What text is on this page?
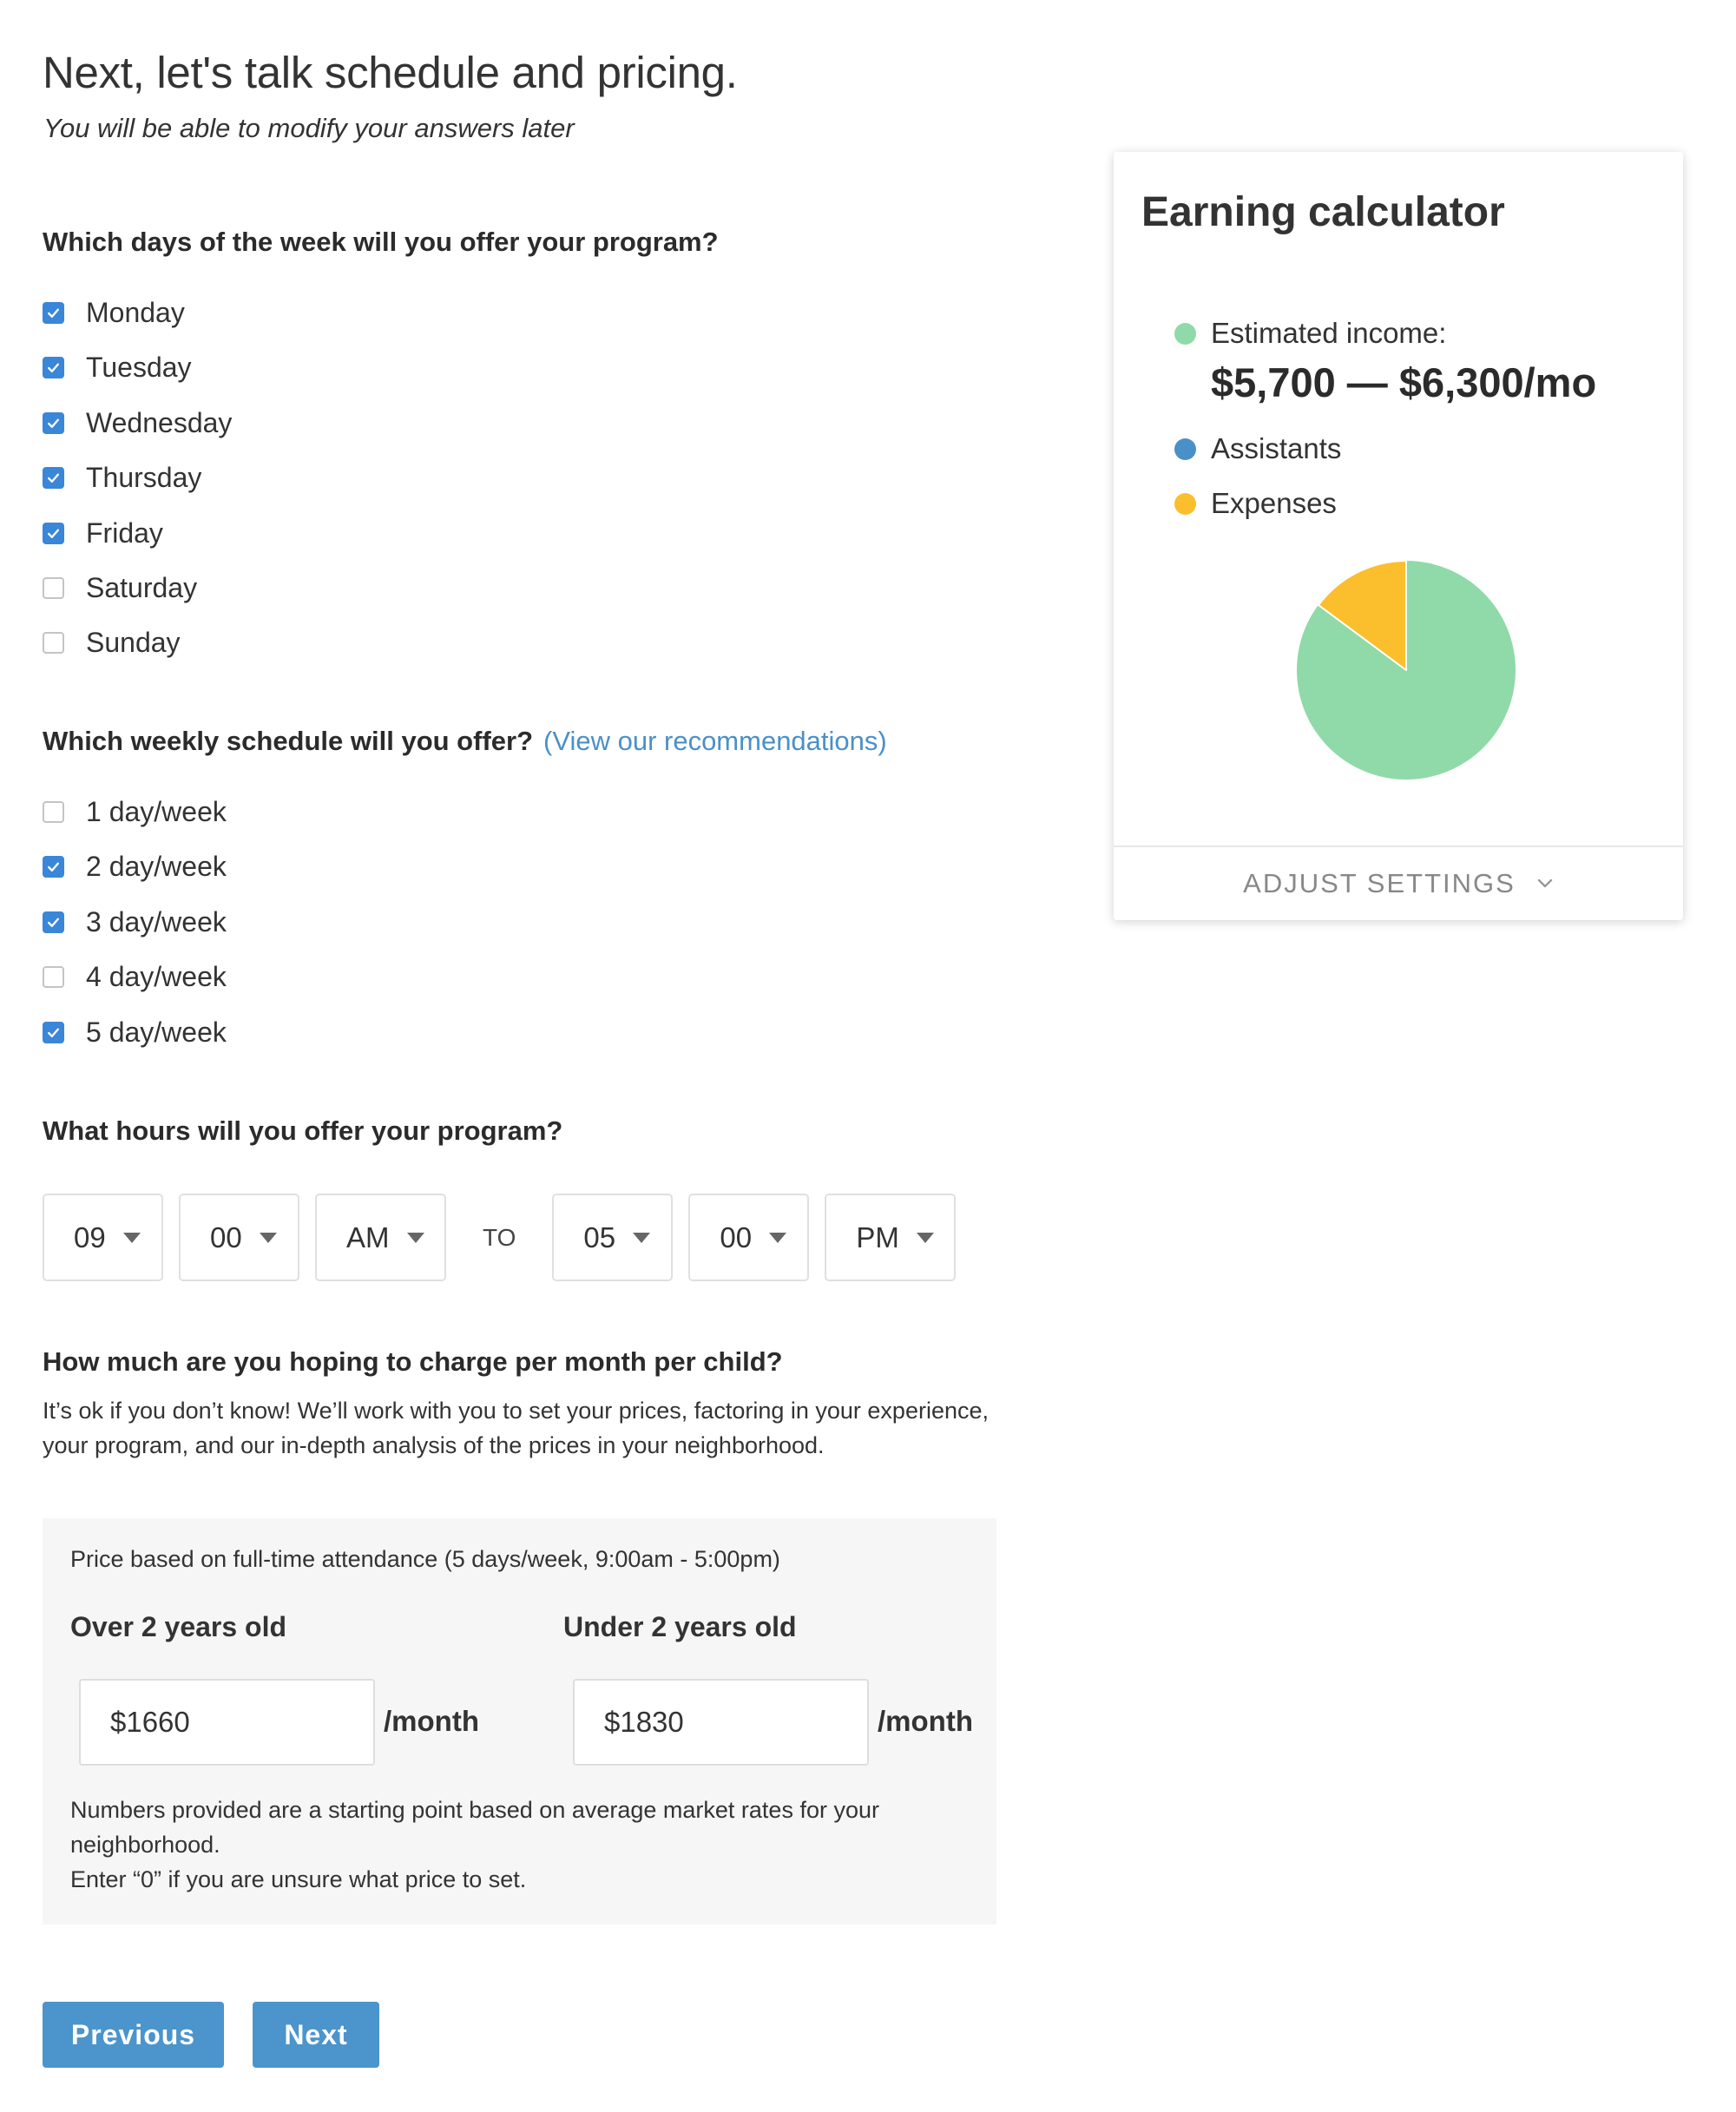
Next, let's talk schedule and pricing.
You will be able to modify your answers later
Which days of the week will you offer your program?
Monday
Tuesday
Wednesday
Thursday
Friday
Saturday
Sunday
Which weekly schedule will you offer? (View our recommendations)
1 day/week
2 day/week
3 day/week
4 day/week
5 day/week
What hours will you offer your program?
09	00	AM	TO 05	00	PM
How much are you hoping to charge per month per child?
It’s ok if you don’t know! We’ll work with you to set your prices, factoring in your experience, your program, and our in-depth analysis of the prices in your neighborhood.
Price based on full-time attendance (5 days/week, 9:00am - 5:00pm)
Over 2 years old	Under 2 years old
$1660	/month	$1830	/month
Numbers provided are a starting point based on average market rates for your neighborhood.
Enter “0” if you are unsure what price to set.
Previous	Next
Earning calculator
Estimated income:
$5,700 — $6,300/mo
Assistants
Expenses
ADJUST SETTINGS
